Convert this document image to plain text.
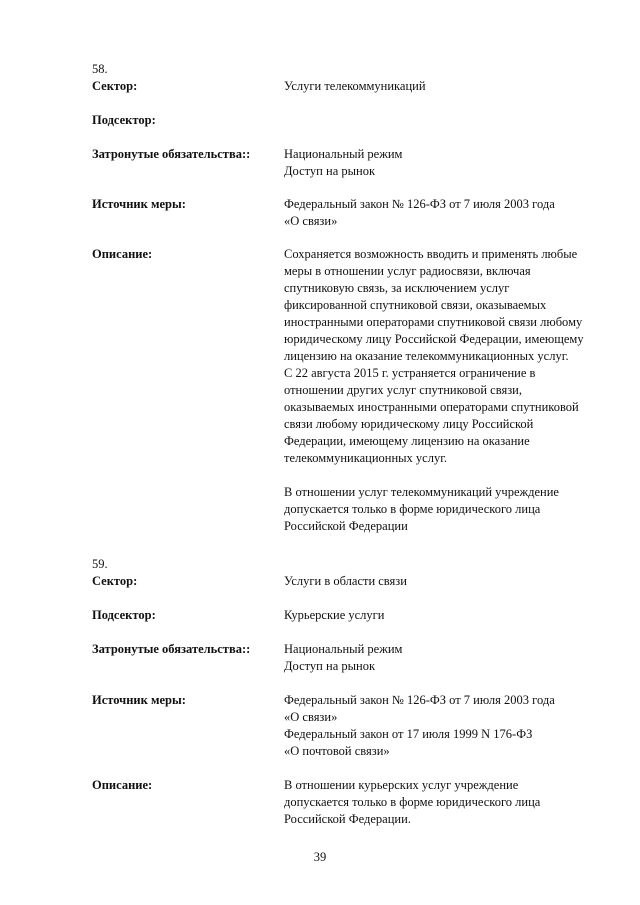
58.
Сектор:	Услуги телекоммуникаций
Подсектор:
Затронутые обязательства::	Национальный режим
Доступ на рынок
Источник меры:	Федеральный закон № 126-ФЗ от 7 июля 2003 года
«О связи»
Описание:	Сохраняется возможность вводить и применять любые
меры в отношении услуг радиосвязи, включая
спутниковую связь, за исключением услуг
фиксированной спутниковой связи, оказываемых
иностранными операторами спутниковой связи любому
юридическому лицу Российской Федерации, имеющему
лицензию на оказание телекоммуникационных услуг.
С 22 августа 2015 г. устраняется ограничение в
отношении других услуг спутниковой связи,
оказываемых иностранными операторами спутниковой
связи любому юридическому лицу Российской
Федерации, имеющему лицензию на оказание
телекоммуникационных услуг.
В отношении услуг телекоммуникаций учреждение
допускается только в форме юридического лица
Российской Федерации
59.
Сектор:	Услуги в области связи
Подсектор:	Курьерские услуги
Затронутые обязательства::	Национальный режим
Доступ на рынок
Источник меры:	Федеральный закон № 126-ФЗ от 7 июля 2003 года
«О связи»
Федеральный закон от 17 июля 1999 N 176-ФЗ
«О почтовой связи»
Описание:	В отношении курьерских услуг учреждение
допускается только в форме юридического лица
Российской Федерации.
39
